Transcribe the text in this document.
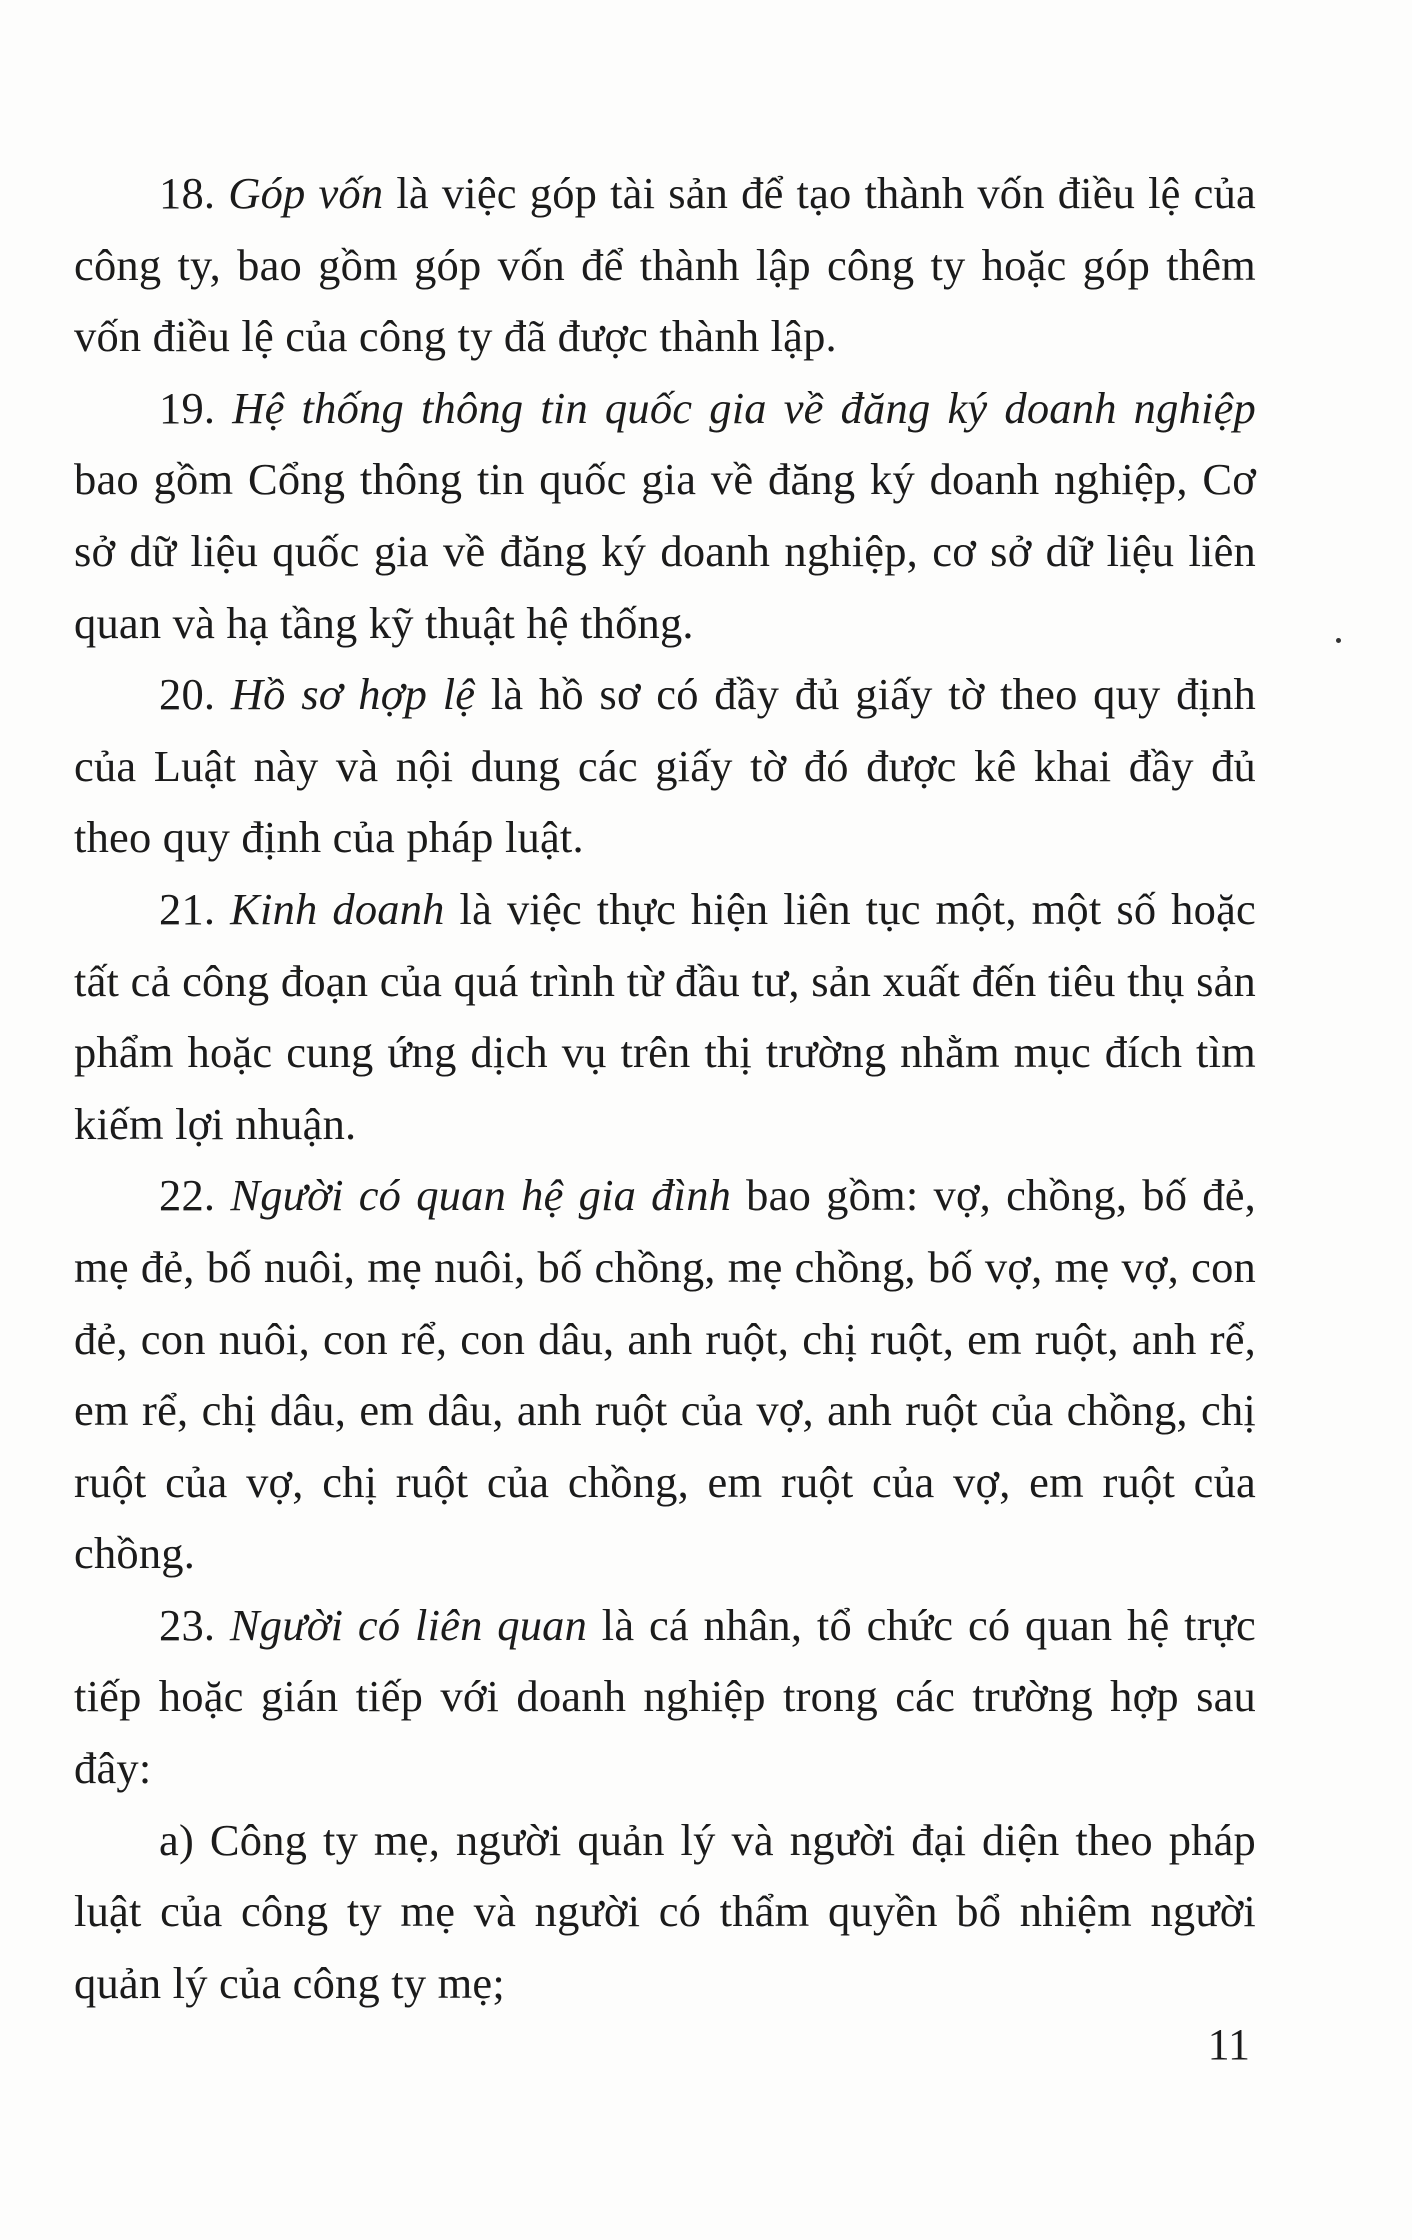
18. Góp vốn là việc góp tài sản để tạo thành vốn điều lệ của công ty, bao gồm góp vốn để thành lập công ty hoặc góp thêm vốn điều lệ của công ty đã được thành lập.

19. Hệ thống thông tin quốc gia về đăng ký doanh nghiệp bao gồm Cổng thông tin quốc gia về đăng ký doanh nghiệp, Cơ sở dữ liệu quốc gia về đăng ký doanh nghiệp, cơ sở dữ liệu liên quan và hạ tầng kỹ thuật hệ thống.

20. Hồ sơ hợp lệ là hồ sơ có đầy đủ giấy tờ theo quy định của Luật này và nội dung các giấy tờ đó được kê khai đầy đủ theo quy định của pháp luật.

21. Kinh doanh là việc thực hiện liên tục một, một số hoặc tất cả công đoạn của quá trình từ đầu tư, sản xuất đến tiêu thụ sản phẩm hoặc cung ứng dịch vụ trên thị trường nhằm mục đích tìm kiếm lợi nhuận.

22. Người có quan hệ gia đình bao gồm: vợ, chồng, bố đẻ, mẹ đẻ, bố nuôi, mẹ nuôi, bố chồng, mẹ chồng, bố vợ, mẹ vợ, con đẻ, con nuôi, con rể, con dâu, anh ruột, chị ruột, em ruột, anh rể, em rể, chị dâu, em dâu, anh ruột của vợ, anh ruột của chồng, chị ruột của vợ, chị ruột của chồng, em ruột của vợ, em ruột của chồng.

23. Người có liên quan là cá nhân, tổ chức có quan hệ trực tiếp hoặc gián tiếp với doanh nghiệp trong các trường hợp sau đây:

a) Công ty mẹ, người quản lý và người đại diện theo pháp luật của công ty mẹ và người có thẩm quyền bổ nhiệm người quản lý của công ty mẹ;

11
